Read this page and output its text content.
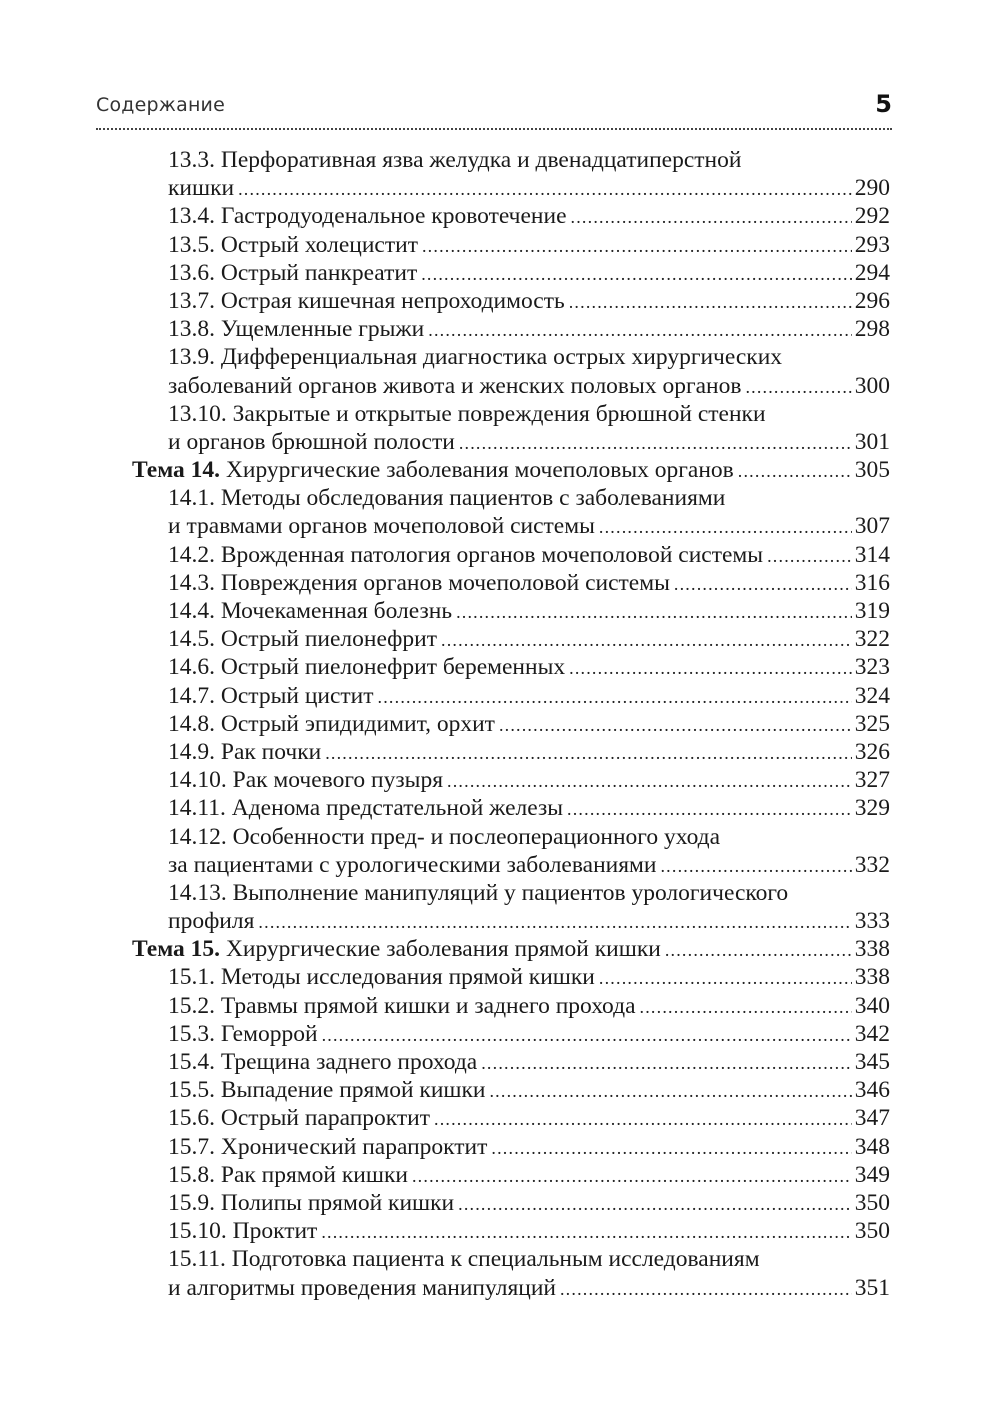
Содержание	5
13.3. Перфоративная язва желудка и двенадцатиперстной
кишки .....	290
13.4. Гастродуоденальное кровотечение .....	292
13.5. Острый холецистит .....	293
13.6. Острый панкреатит .....	294
13.7. Острая кишечная непроходимость .....	296
13.8. Ущемленные грыжи .....	298
13.9. Дифференциальная диагностика острых хирургических
заболеваний органов живота и женских половых органов .....	300
13.10. Закрытые и открытые повреждения брюшной стенки
и органов брюшной полости .....	301
Тема 14. Хирургические заболевания мочеполовых органов .....	305
14.1. Методы обследования пациентов с заболеваниями
и травмами органов мочеполовой системы .....	307
14.2. Врожденная патология органов мочеполовой системы .....	314
14.3. Повреждения органов мочеполовой системы .....	316
14.4. Мочекаменная болезнь .....	319
14.5. Острый пиелонефрит .....	322
14.6. Острый пиелонефрит беременных .....	323
14.7. Острый цистит .....	324
14.8. Острый эпидидимит, орхит .....	325
14.9. Рак почки .....	326
14.10. Рак мочевого пузыря .....	327
14.11. Аденома предстательной железы .....	329
14.12. Особенности пред- и послеоперационного ухода
за пациентами с урологическими заболеваниями .....	332
14.13. Выполнение манипуляций у пациентов урологического
профиля .....	333
Тема 15. Хирургические заболевания прямой кишки .....	338
15.1. Методы исследования прямой кишки .....	338
15.2. Травмы прямой кишки и заднего прохода .....	340
15.3. Геморрой .....	342
15.4. Трещина заднего прохода .....	345
15.5. Выпадение прямой кишки .....	346
15.6. Острый парапроктит .....	347
15.7. Хронический парапроктит .....	348
15.8. Рак прямой кишки .....	349
15.9. Полипы прямой кишки .....	350
15.10. Проктит .....	350
15.11. Подготовка пациента к специальным исследованиям
и алгоритмы проведения манипуляций .....	351
